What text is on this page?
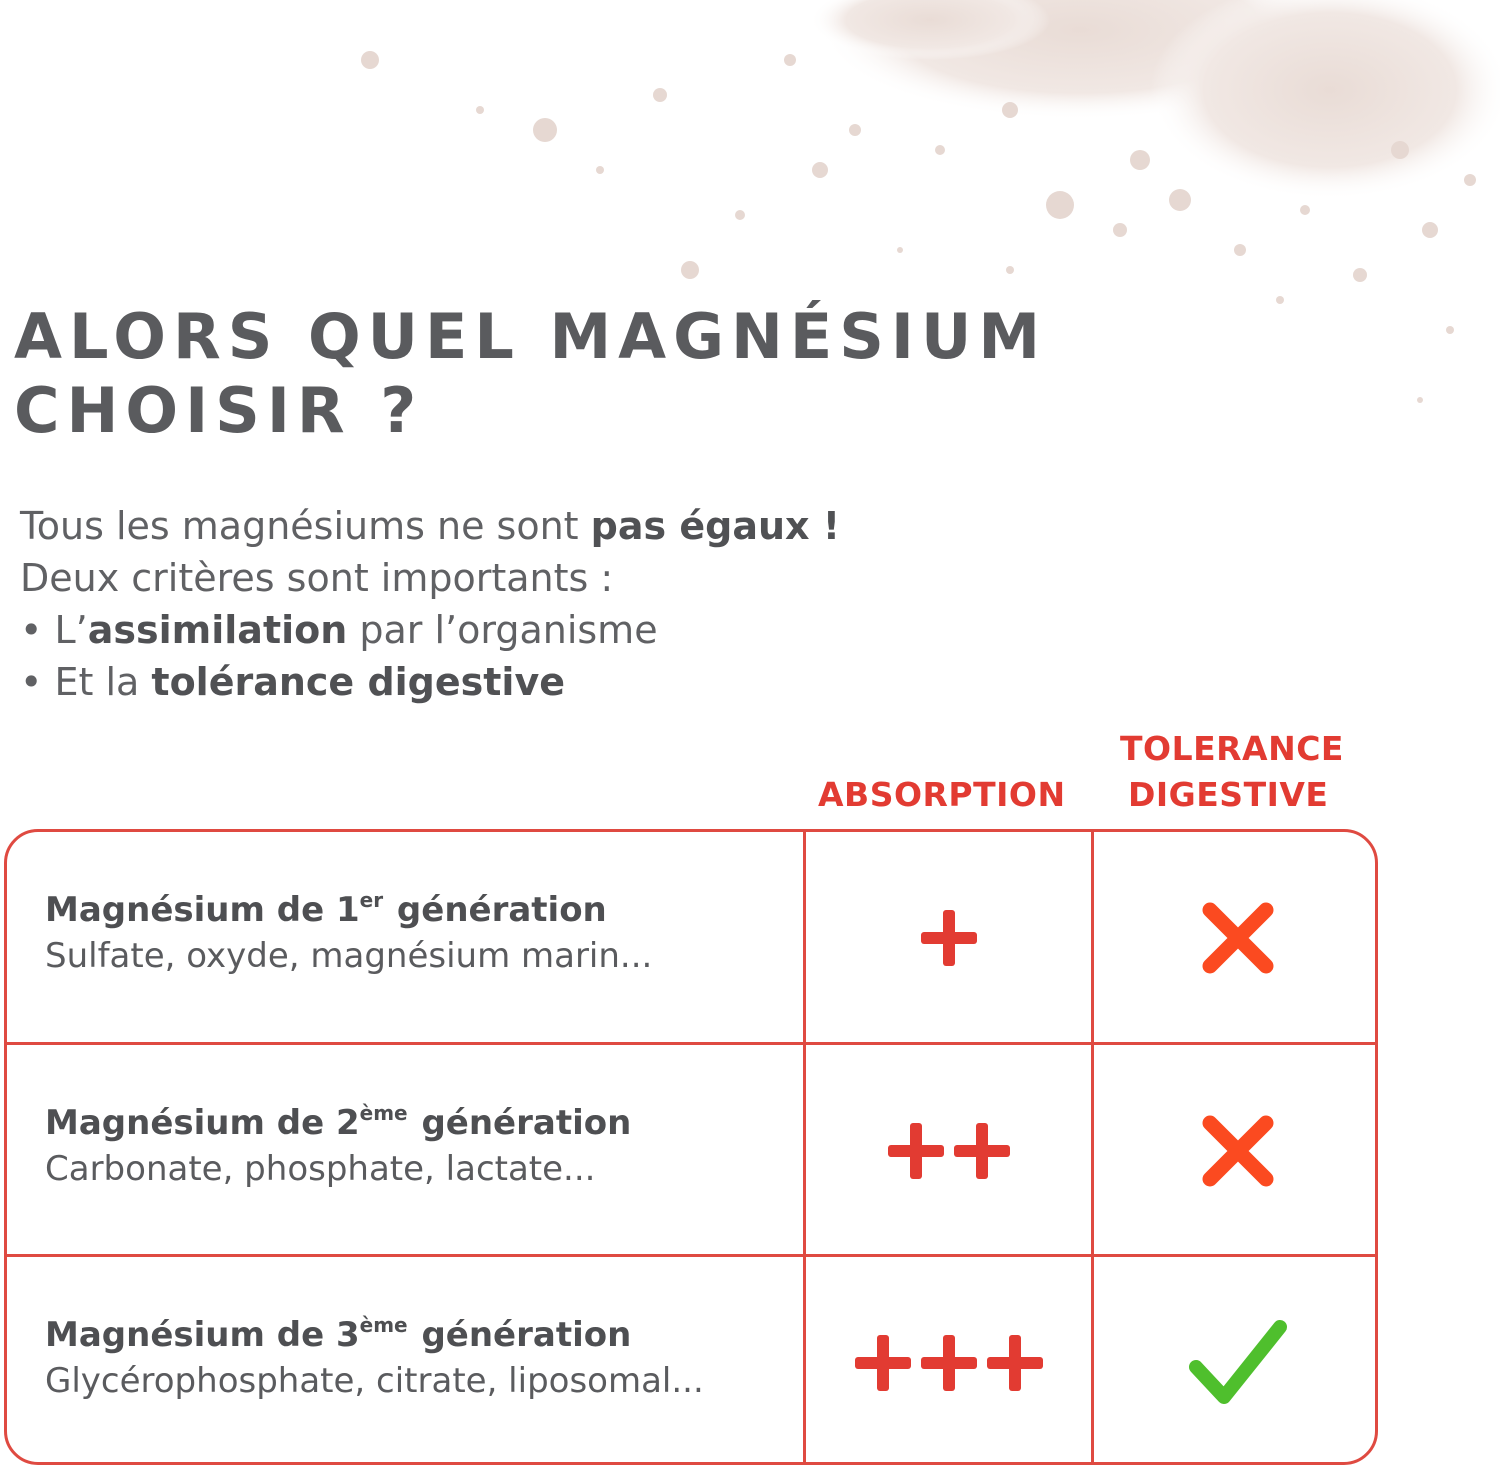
ALORS QUEL MAGNÉSIUM
CHOISIR ?

Tous les magnésiums ne sont pas égaux !
Deux critères sont importants :
• L’assimilation par l’organisme
• Et la tolérance digestive

ABSORPTION
TOLERANCE
DIGESTIVE
Magnésium de 1er génération
Sulfate, oxyde, magnésium marin...
Magnésium de 2ème génération
Carbonate, phosphate, lactate...
Magnésium de 3ème génération
Glycérophosphate, citrate, liposomal...
